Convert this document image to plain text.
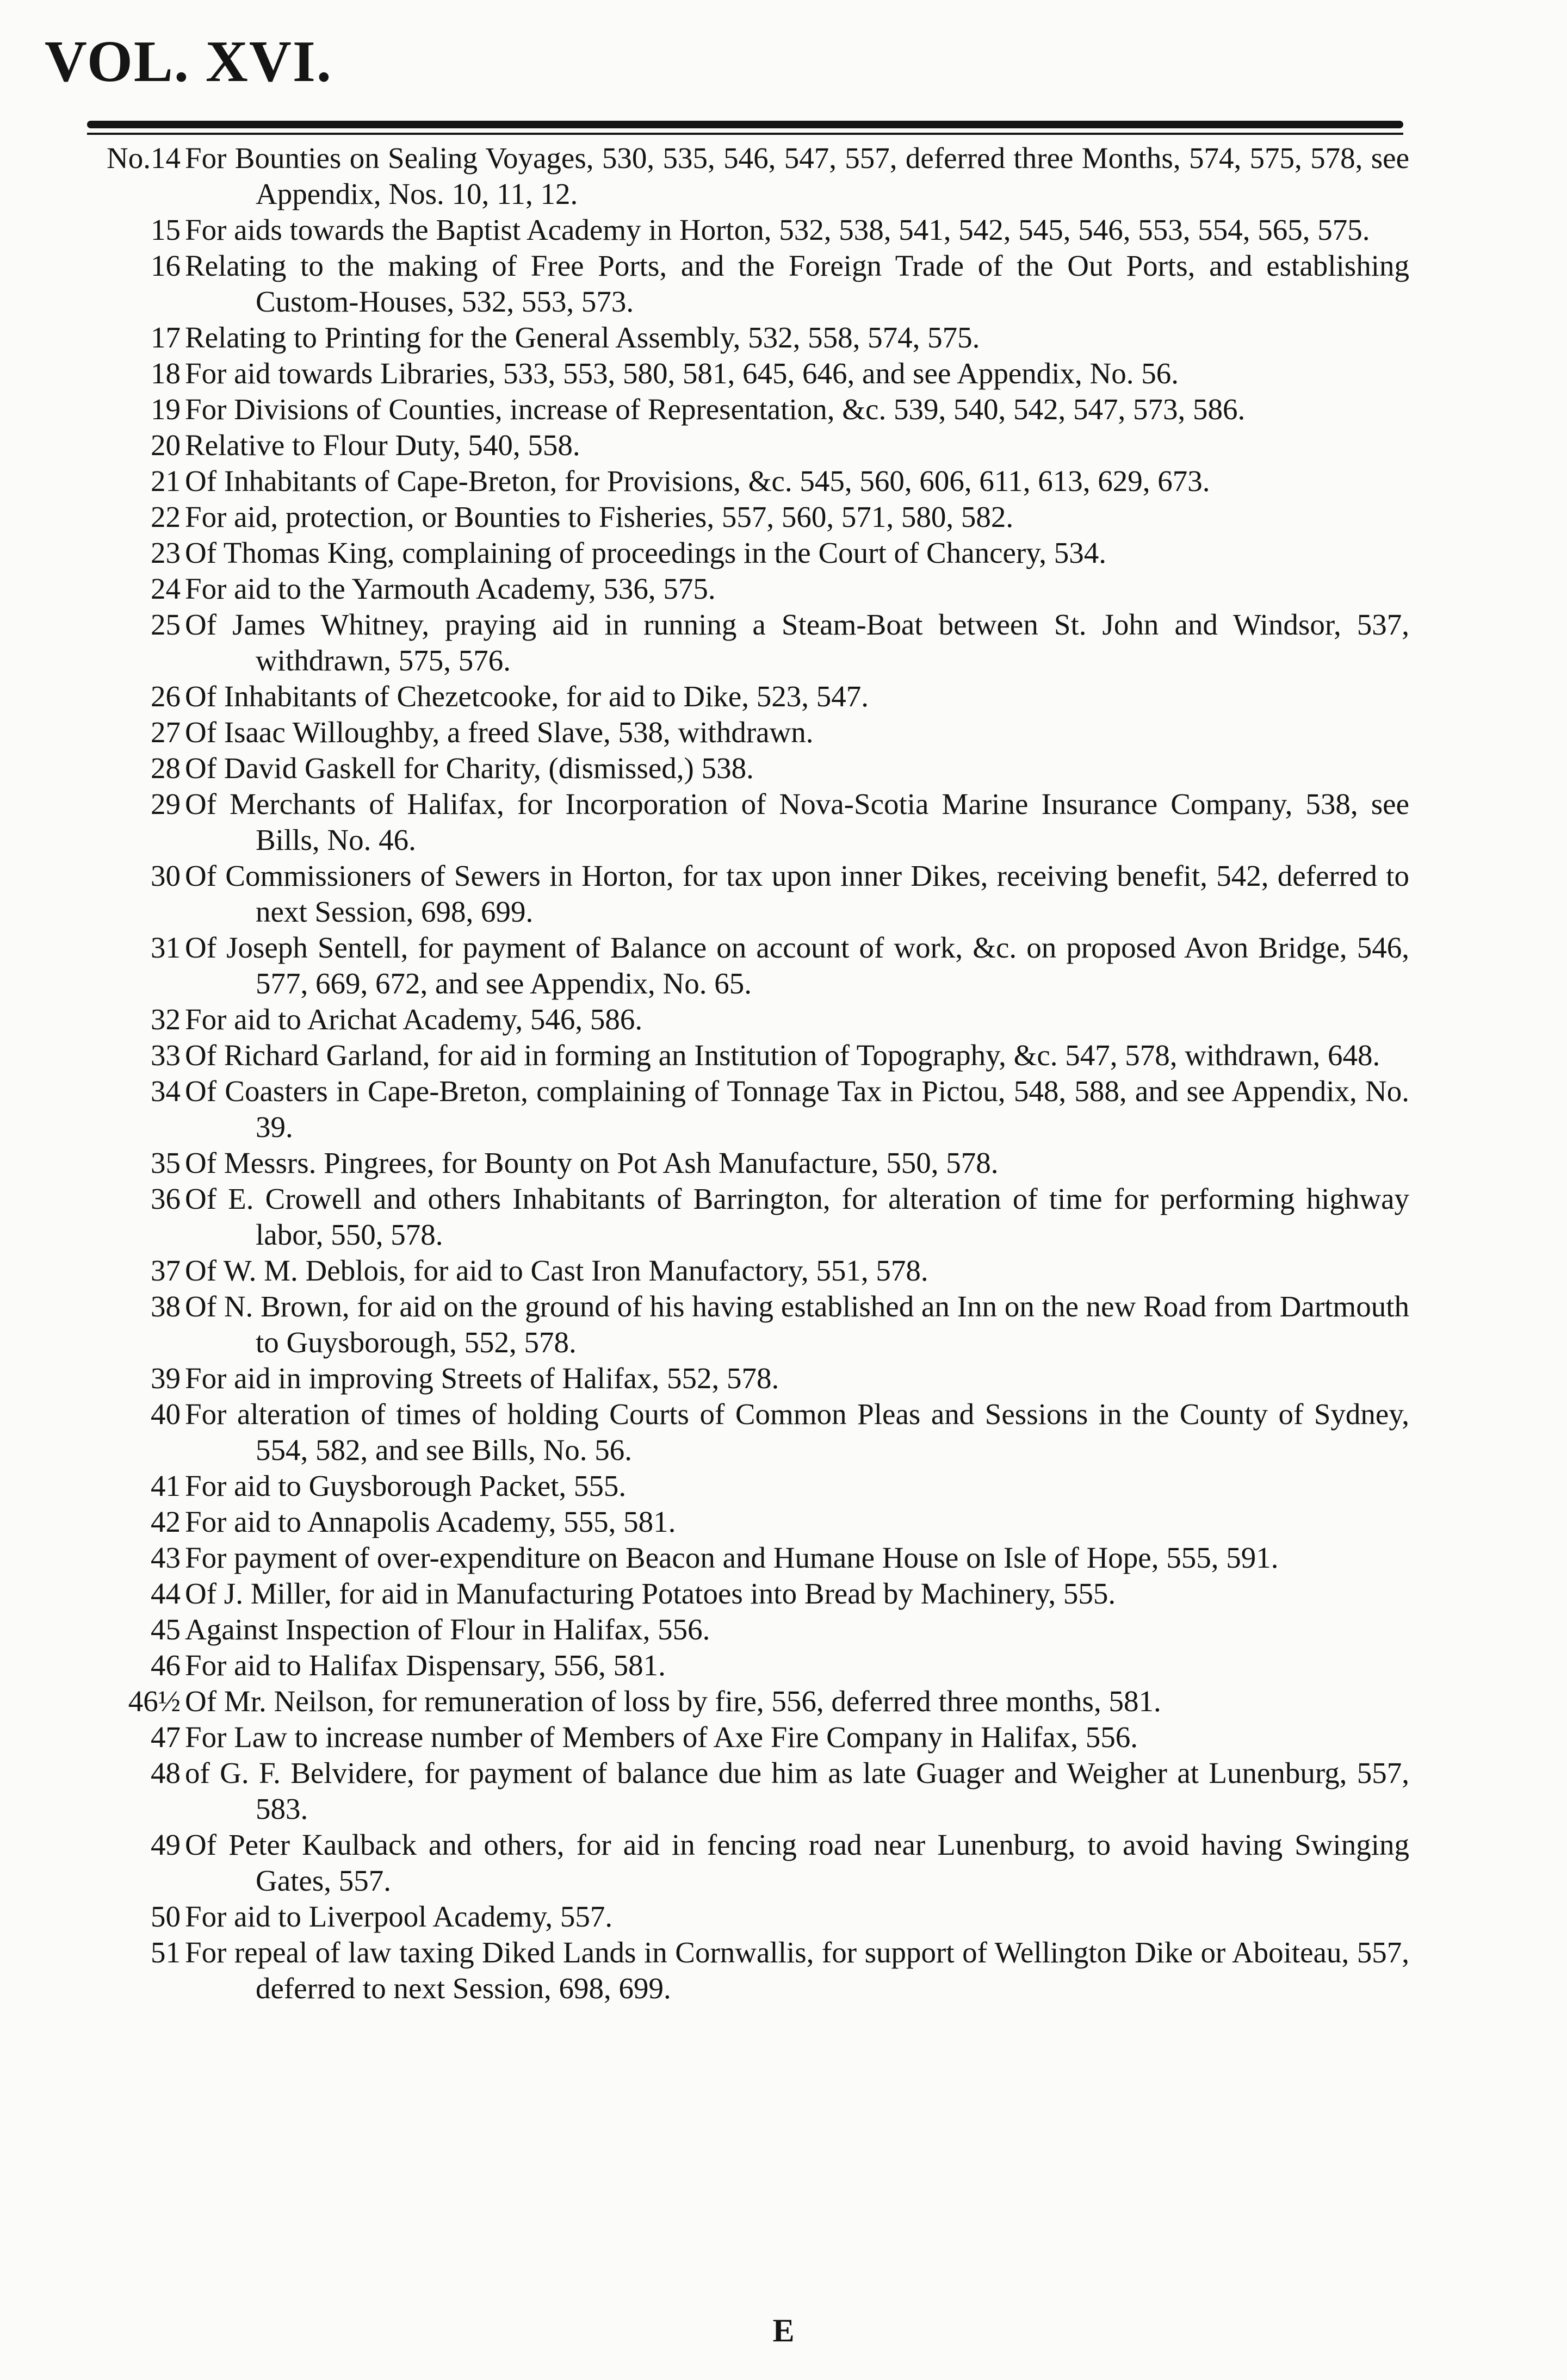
VOL. XVI.
No.14 For Bounties on Sealing Voyages, 530, 535, 546, 547, 557, deferred three Months, 574, 575, 578, see Appendix, Nos. 10, 11, 12.
15 For aids towards the Baptist Academy in Horton, 532, 538, 541, 542, 545, 546, 553, 554, 565, 575.
16 Relating to the making of Free Ports, and the Foreign Trade of the Out Ports, and establishing Custom-Houses, 532, 553, 573.
17 Relating to Printing for the General Assembly, 532, 558, 574, 575.
18 For aid towards Libraries, 533, 553, 580, 581, 645, 646, and see Appendix, No. 56.
19 For Divisions of Counties, increase of Representation, &c. 539, 540, 542, 547, 573, 586.
20 Relative to Flour Duty, 540, 558.
21 Of Inhabitants of Cape-Breton, for Provisions, &c. 545, 560, 606, 611, 613, 629, 673.
22 For aid, protection, or Bounties to Fisheries, 557, 560, 571, 580, 582.
23 Of Thomas King, complaining of proceedings in the Court of Chancery, 534.
24 For aid to the Yarmouth Academy, 536, 575.
25 Of James Whitney, praying aid in running a Steam-Boat between St. John and Windsor, 537, withdrawn, 575, 576.
26 Of Inhabitants of Chezetcooke, for aid to Dike, 523, 547.
27 Of Isaac Willoughby, a freed Slave, 538, withdrawn.
28 Of David Gaskell for Charity, (dismissed,) 538.
29 Of Merchants of Halifax, for Incorporation of Nova-Scotia Marine Insurance Company, 538, see Bills, No. 46.
30 Of Commissioners of Sewers in Horton, for tax upon inner Dikes, receiving benefit, 542, deferred to next Session, 698, 699.
31 Of Joseph Sentell, for payment of Balance on account of work, &c. on proposed Avon Bridge, 546, 577, 669, 672, and see Appendix, No. 65.
32 For aid to Arichat Academy, 546, 586.
33 Of Richard Garland, for aid in forming an Institution of Topography, &c. 547, 578, withdrawn, 648.
34 Of Coasters in Cape-Breton, complaining of Tonnage Tax in Pictou, 548, 588, and see Appendix, No. 39.
35 Of Messrs. Pingrees, for Bounty on Pot Ash Manufacture, 550, 578.
36 Of E. Crowell and others Inhabitants of Barrington, for alteration of time for performing highway labor, 550, 578.
37 Of W. M. Deblois, for aid to Cast Iron Manufactory, 551, 578.
38 Of N. Brown, for aid on the ground of his having established an Inn on the new Road from Dartmouth to Guysborough, 552, 578.
39 For aid in improving Streets of Halifax, 552, 578.
40 For alteration of times of holding Courts of Common Pleas and Sessions in the County of Sydney, 554, 582, and see Bills, No. 56.
41 For aid to Guysborough Packet, 555.
42 For aid to Annapolis Academy, 555, 581.
43 For payment of over-expenditure on Beacon and Humane House on Isle of Hope, 555, 591.
44 Of J. Miller, for aid in Manufacturing Potatoes into Bread by Machinery, 555.
45 Against Inspection of Flour in Halifax, 556.
46 For aid to Halifax Dispensary, 556, 581.
46½ Of Mr. Neilson, for remuneration of loss by fire, 556, deferred three months, 581.
47 For Law to increase number of Members of Axe Fire Company in Halifax, 556.
48 of G. F. Belvidere, for payment of balance due him as late Guager and Weigher at Lunenburg, 557, 583.
49 Of Peter Kaulback and others, for aid in fencing road near Lunenburg, to avoid having Swinging Gates, 557.
50 For aid to Liverpool Academy, 557.
51 For repeal of law taxing Diked Lands in Cornwallis, for support of Wellington Dike or Aboiteau, 557, deferred to next Session, 698, 699.
E
